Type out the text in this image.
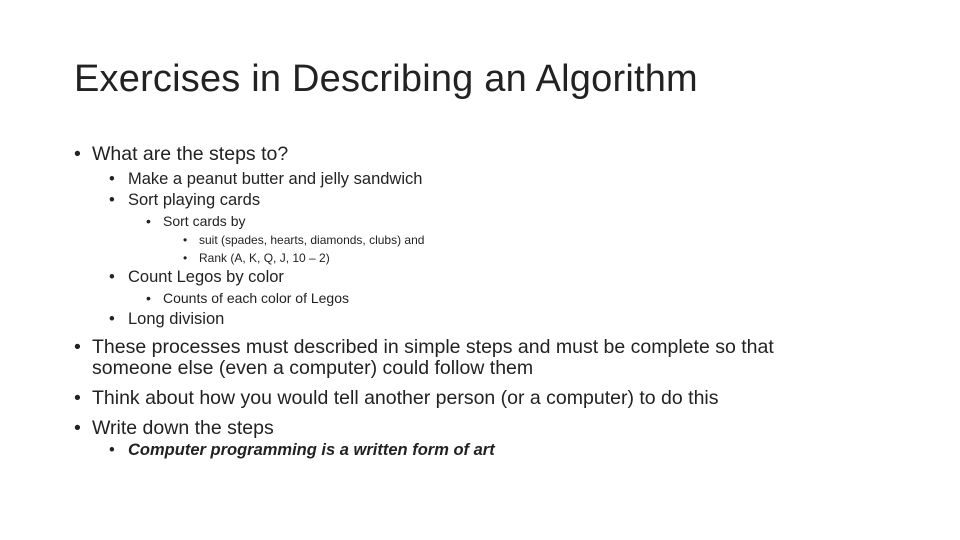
Exercises in Describing an Algorithm
• What are the steps to?
• Make a peanut butter and jelly sandwich
• Sort playing cards
• Sort cards by
• suit (spades, hearts, diamonds, clubs) and
• Rank (A, K, Q, J, 10 – 2)
• Count Legos by color
• Counts of each color of Legos
• Long division
• These processes must described in simple steps and must be complete so that
someone else (even a computer) could follow them
• Think about how you would tell another person (or a computer) to do this
• Write down the steps
• Computer programming is a written form of art
